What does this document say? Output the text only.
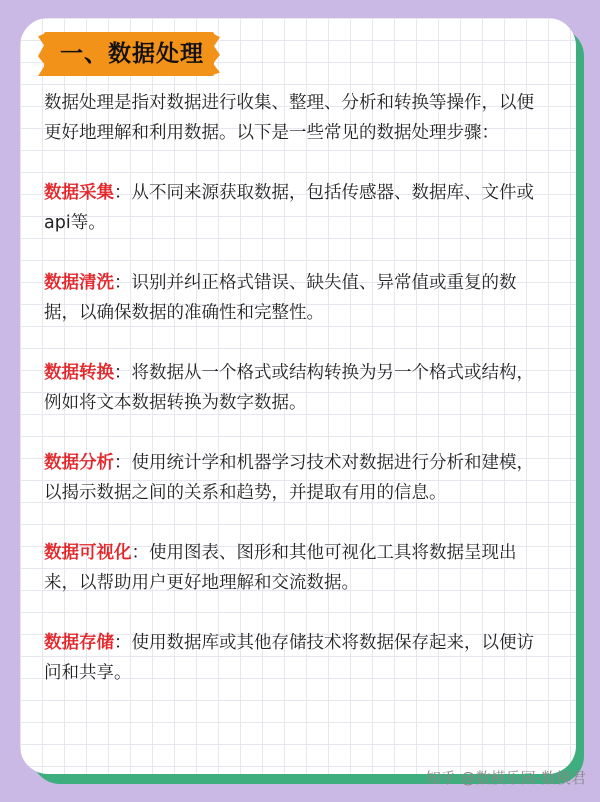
一、数据处理

数据处理是指对数据进行收集、整理、分析和转换等操作，以便更好地理解和利用数据。以下是一些常见的数据处理步骤：

数据采集：从不同来源获取数据，包括传感器、数据库、文件或api等。

数据清洗：识别并纠正格式错误、缺失值、异常值或重复的数据，以确保数据的准确性和完整性。

数据转换：将数据从一个格式或结构转换为另一个格式或结构，例如将文本数据转换为数字数据。

数据分析：使用统计学和机器学习技术对数据进行分析和建模，以揭示数据之间的关系和趋势，并提取有用的信息。

数据可视化：使用图表、图形和其他可视化工具将数据呈现出来，以帮助用户更好地理解和交流数据。

数据存储：使用数据库或其他存储技术将数据保存起来，以便访问和共享。

知乎 @数模乐园-数模君
